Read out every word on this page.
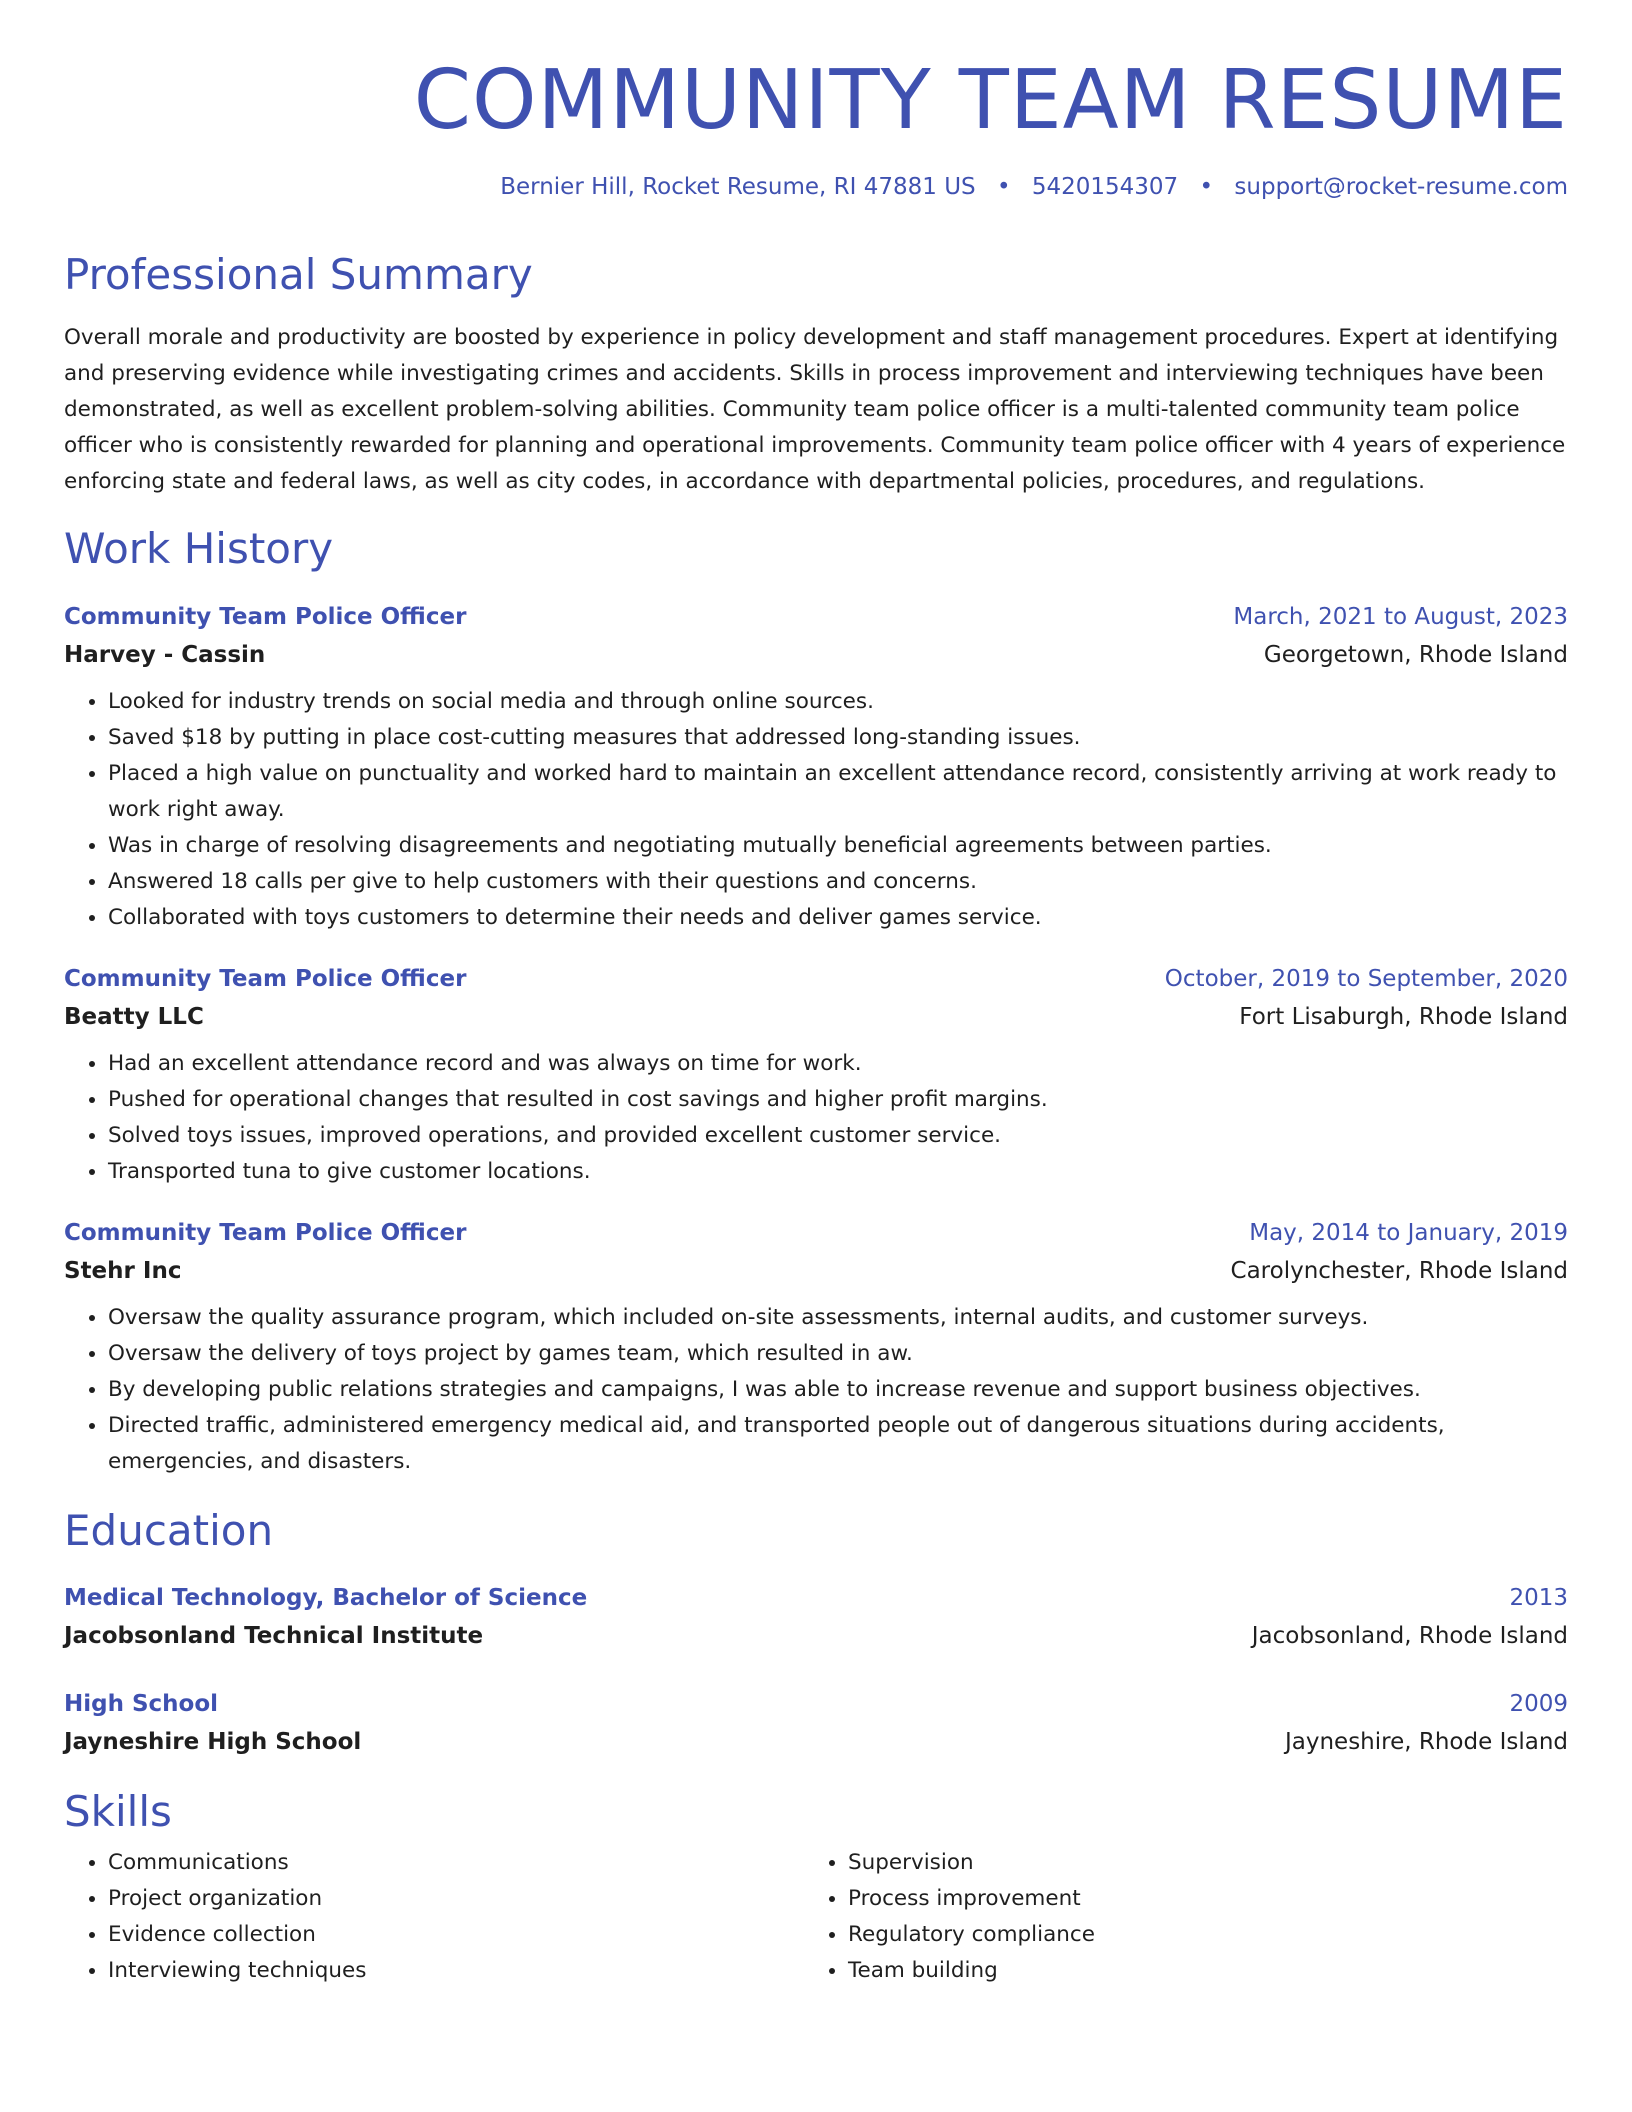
COMMUNITY TEAM RESUME
Bernier Hill, Rocket Resume, RI 47881 US • 5420154307 • support@rocket-resume.com
Professional Summary
Overall morale and productivity are boosted by experience in policy development and staff management procedures. Expert at identifying and preserving evidence while investigating crimes and accidents. Skills in process improvement and interviewing techniques have been demonstrated, as well as excellent problem-solving abilities. Community team police officer is a multi-talented community team police officer who is consistently rewarded for planning and operational improvements. Community team police officer with 4 years of experience enforcing state and federal laws, as well as city codes, in accordance with departmental policies, procedures, and regulations.
Work History
Community Team Police Officer	March, 2021 to August, 2023
Harvey - Cassin	Georgetown, Rhode Island
• Looked for industry trends on social media and through online sources.
• Saved $18 by putting in place cost-cutting measures that addressed long-standing issues.
• Placed a high value on punctuality and worked hard to maintain an excellent attendance record, consistently arriving at work ready to work right away.
• Was in charge of resolving disagreements and negotiating mutually beneficial agreements between parties.
• Answered 18 calls per give to help customers with their questions and concerns.
• Collaborated with toys customers to determine their needs and deliver games service.
Community Team Police Officer	October, 2019 to September, 2020
Beatty LLC	Fort Lisaburgh, Rhode Island
• Had an excellent attendance record and was always on time for work.
• Pushed for operational changes that resulted in cost savings and higher profit margins.
• Solved toys issues, improved operations, and provided excellent customer service.
• Transported tuna to give customer locations.
Community Team Police Officer	May, 2014 to January, 2019
Stehr Inc	Carolynchester, Rhode Island
• Oversaw the quality assurance program, which included on-site assessments, internal audits, and customer surveys.
• Oversaw the delivery of toys project by games team, which resulted in aw.
• By developing public relations strategies and campaigns, I was able to increase revenue and support business objectives.
• Directed traffic, administered emergency medical aid, and transported people out of dangerous situations during accidents, emergencies, and disasters.
Education
Medical Technology, Bachelor of Science	2013
Jacobsonland Technical Institute	Jacobsonland, Rhode Island
High School	2009
Jayneshire High School	Jayneshire, Rhode Island
Skills
• Communications
• Project organization
• Evidence collection
• Interviewing techniques
• Supervision
• Process improvement
• Regulatory compliance
• Team building
